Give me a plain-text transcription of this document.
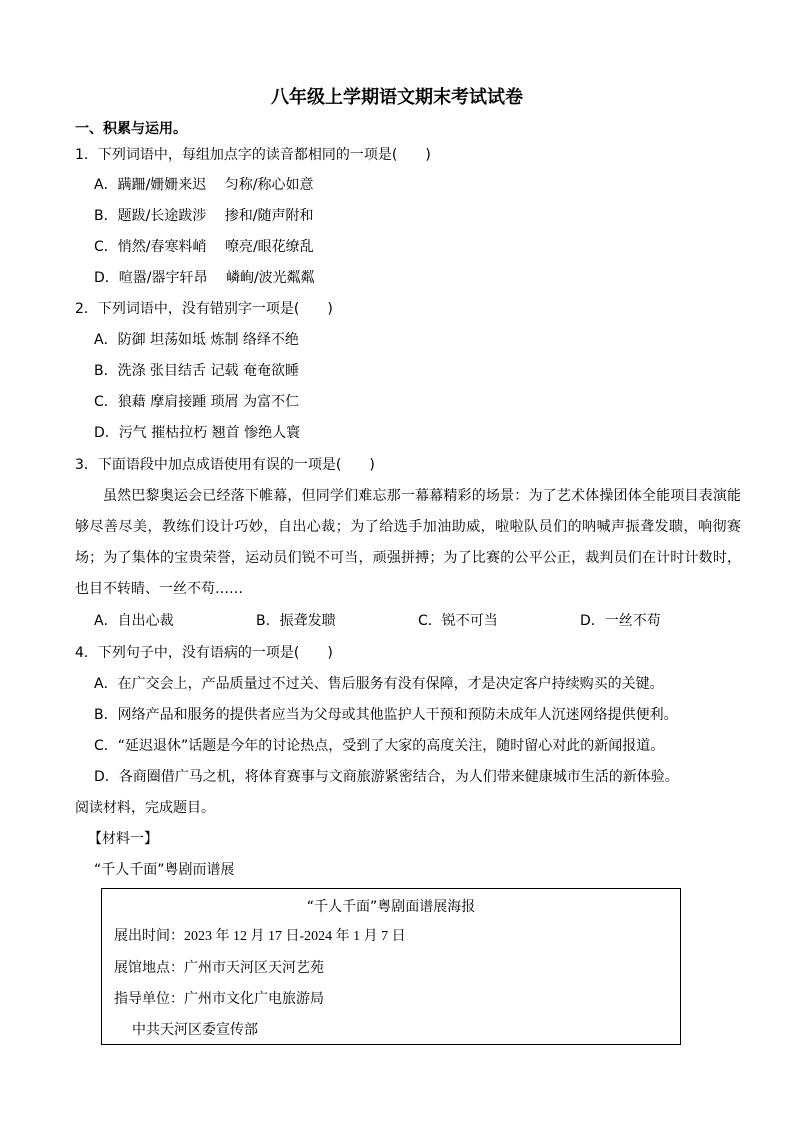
八年级上学期语文期末考试试卷
一、积累与运用。
1．下列词语中，每组加点字的读音都相同的一项是(　　)
A．蹒跚/姗姗来迟　 匀称/称心如意
B．题跋/长途跋涉　 掺和/随声附和
C．悄然/春寒料峭　 嘹亮/眼花缭乱
D．喧嚣/器宇轩昂　 嶙峋/波光粼粼
2．下列词语中，没有错别字一项是(　　)
A．防御 坦荡如坻 炼制 络绎不绝
B．洗涤 张目结舌 记载 奄奄欲睡
C．狼藉 摩肩接踵 琐屑 为富不仁
D．污气 摧枯拉朽 翘首 惨绝人寰
3．下面语段中加点成语使用有误的一项是(　　)
虽然巴黎奥运会已经落下帷幕，但同学们难忘那一幕幕精彩的场景：为了艺术体操团体全能项目表演能够尽善尽美，教练们设计巧妙，自出心裁；为了给选手加油助威，啦啦队员们的呐喊声振聋发聩，响彻赛场；为了集体的宝贵荣誉，运动员们锐不可当，顽强拼搏；为了比赛的公平公正，裁判员们在计时计数时，也目不转睛、一丝不苟……
A．自出心裁	B．振聋发聩	C．锐不可当	D．一丝不苟
4．下列句子中，没有语病的一项是(　　)
A．在广交会上，产品质量过不过关、售后服务有没有保障，才是决定客户持续购买的关键。
B．网络产品和服务的提供者应当为父母或其他监护人干预和预防未成年人沉迷网络提供便利。
C．“延迟退休”话题是今年的讨论热点，受到了大家的高度关注，随时留心对此的新闻报道。
D．各商圈借广马之机，将体育赛事与文商旅游紧密结合，为人们带来健康城市生活的新体验。
阅读材料，完成题目。
【材料一】
“千人千面”粤剧而谱展
“千人千面”粤剧面谱展海报
展出时间：2023 年 12 月 17 日-2024 年 1 月 7 日
展馆地点：广州市天河区天河艺苑
指导单位：广州市文化广电旅游局
中共天河区委宣传部
